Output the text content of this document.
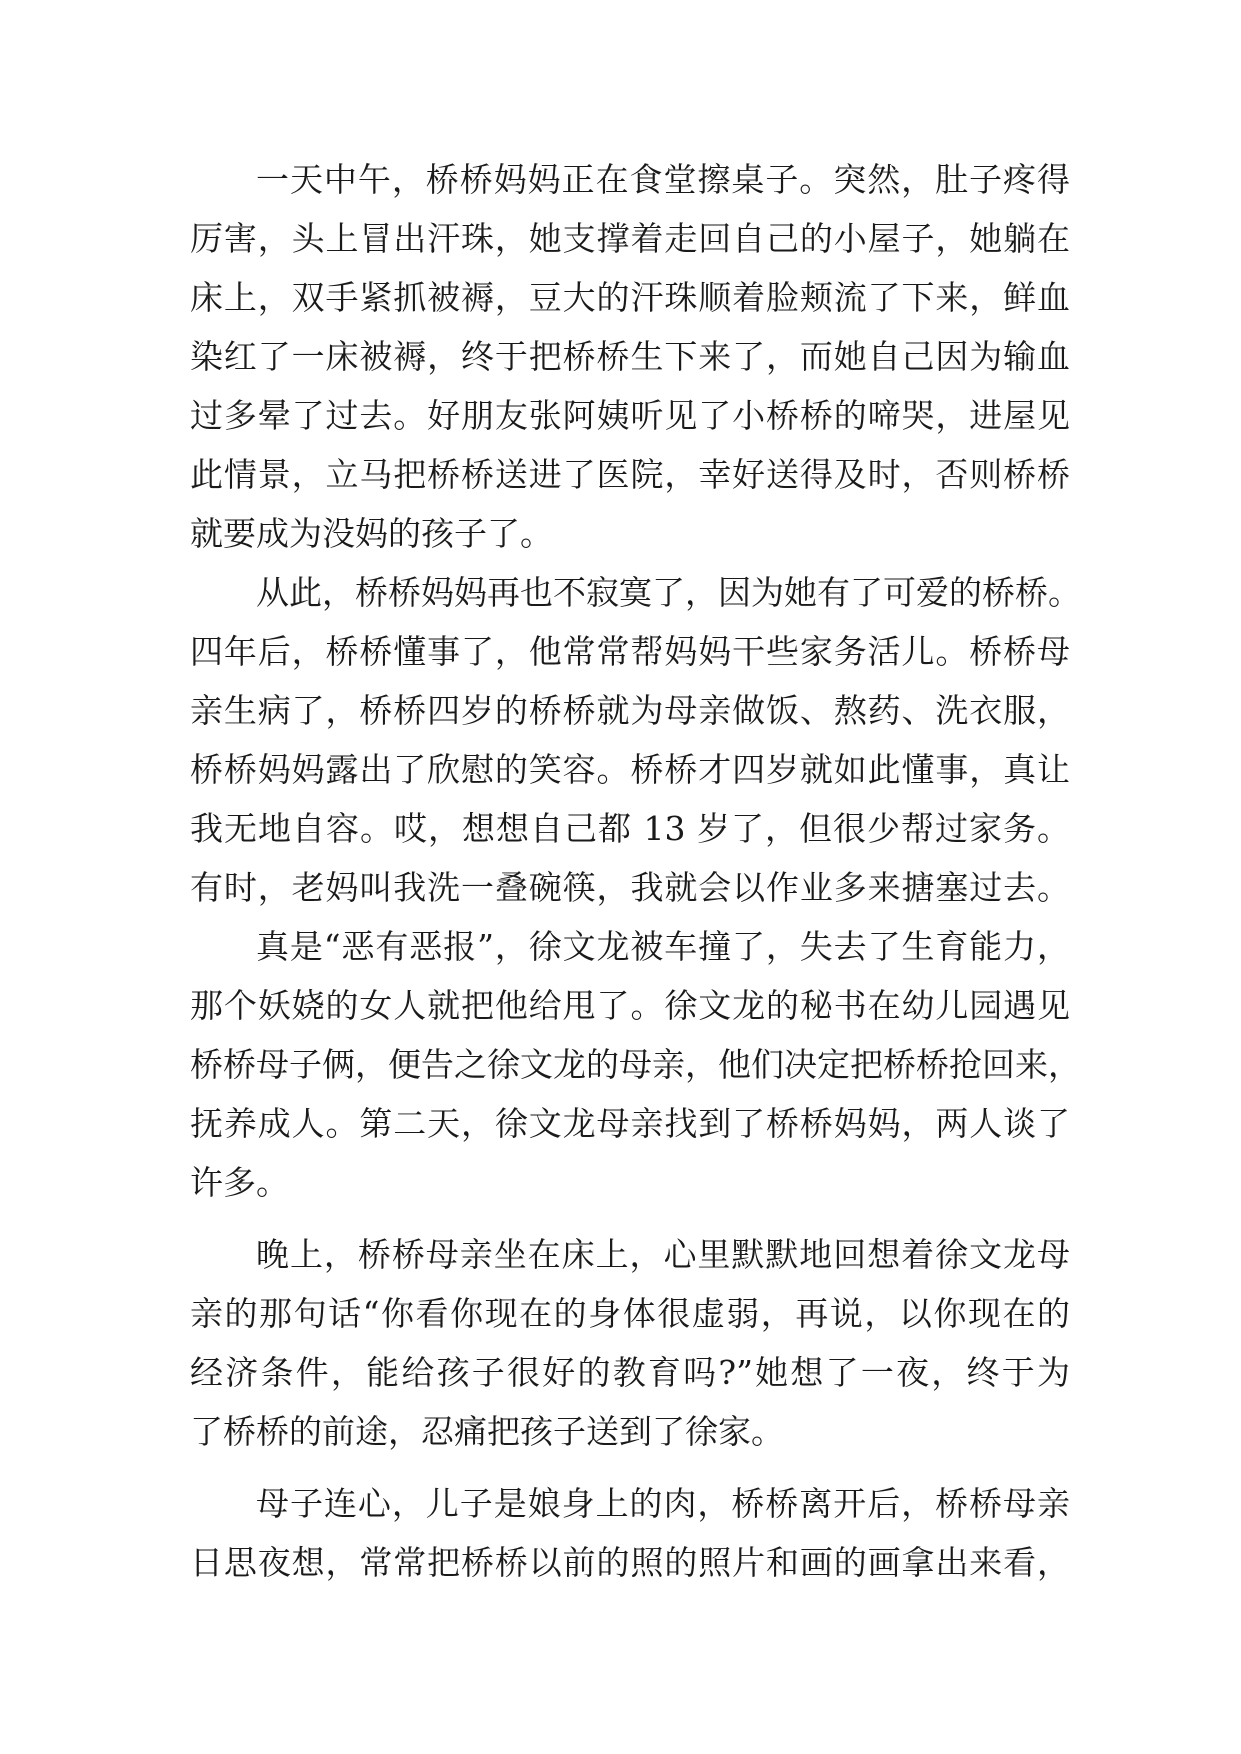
一天中午，桥桥妈妈正在食堂擦桌子。突然，肚子疼得
厉害，头上冒出汗珠，她支撑着走回自己的小屋子，她躺在
床上，双手紧抓被褥，豆大的汗珠顺着脸颊流了下来，鲜血
染红了一床被褥，终于把桥桥生下来了，而她自己因为输血
过多晕了过去。好朋友张阿姨听见了小桥桥的啼哭，进屋见
此情景，立马把桥桥送进了医院，幸好送得及时，否则桥桥
就要成为没妈的孩子了。
从此，桥桥妈妈再也不寂寞了，因为她有了可爱的桥桥。
四年后，桥桥懂事了，他常常帮妈妈干些家务活儿。桥桥母
亲生病了，桥桥四岁的桥桥就为母亲做饭、熬药、洗衣服，
桥桥妈妈露出了欣慰的笑容。桥桥才四岁就如此懂事，真让
我无地自容。哎，想想自己都 13 岁了，但很少帮过家务。
有时，老妈叫我洗一叠碗筷，我就会以作业多来搪塞过去。
真是“恶有恶报”，徐文龙被车撞了，失去了生育能力，
那个妖娆的女人就把他给甩了。徐文龙的秘书在幼儿园遇见
桥桥母子俩，便告之徐文龙的母亲，他们决定把桥桥抢回来，
抚养成人。第二天，徐文龙母亲找到了桥桥妈妈，两人谈了
许多。
晚上，桥桥母亲坐在床上，心里默默地回想着徐文龙母
亲的那句话“你看你现在的身体很虚弱，再说，以你现在的
经济条件，能给孩子很好的教育吗?”她想了一夜，终于为
了桥桥的前途，忍痛把孩子送到了徐家。
母子连心，儿子是娘身上的肉，桥桥离开后，桥桥母亲
日思夜想，常常把桥桥以前的照的照片和画的画拿出来看，
